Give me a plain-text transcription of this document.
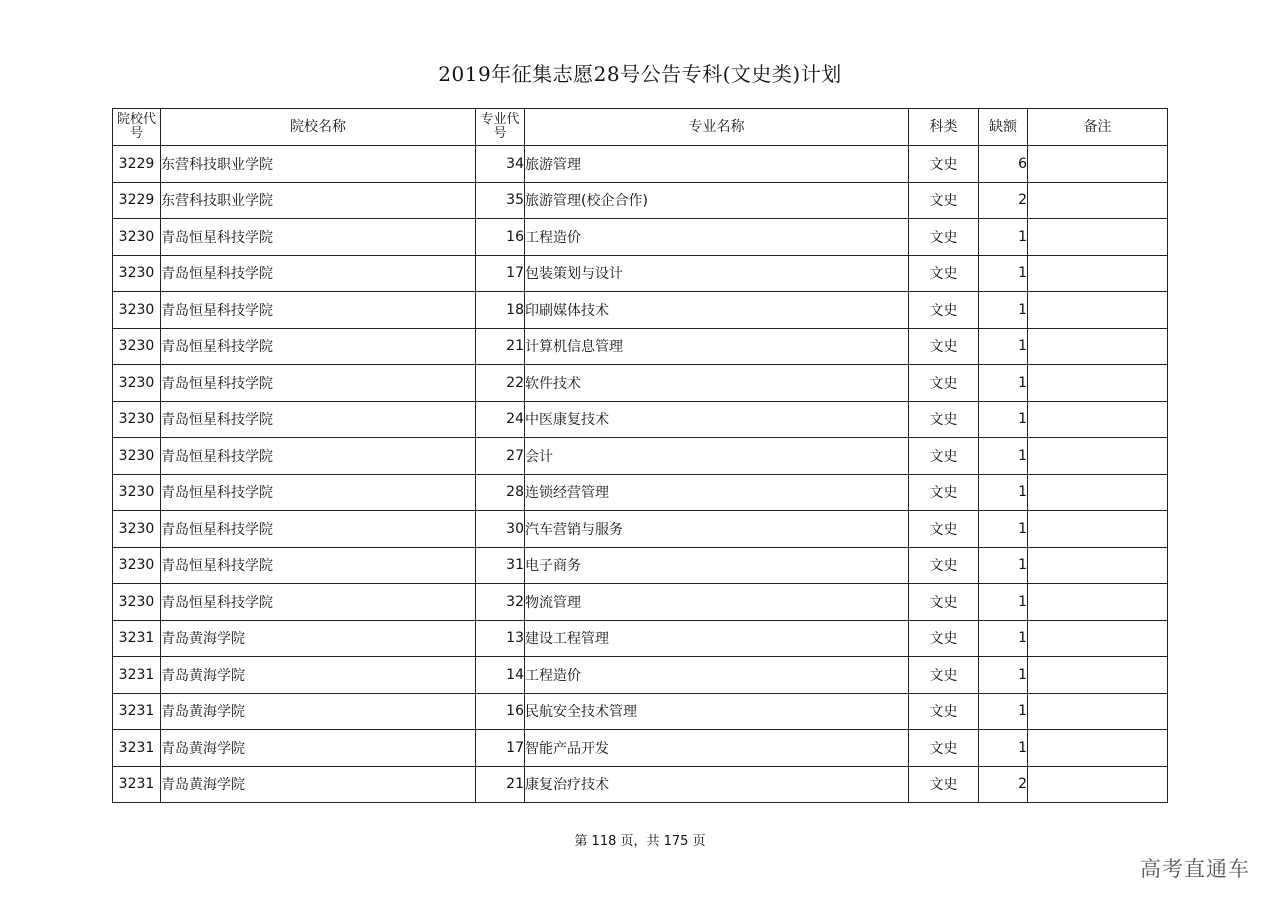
2019年征集志愿28号公告专科(文史类)计划
院校代号	院校名称	专业代号	专业名称	科类	缺额	备注
3229	东营科技职业学院	34	旅游管理	文史	6	
3229	东营科技职业学院	35	旅游管理(校企合作)	文史	2	
3230	青岛恒星科技学院	16	工程造价	文史	1	
3230	青岛恒星科技学院	17	包装策划与设计	文史	1	
3230	青岛恒星科技学院	18	印刷媒体技术	文史	1	
3230	青岛恒星科技学院	21	计算机信息管理	文史	1	
3230	青岛恒星科技学院	22	软件技术	文史	1	
3230	青岛恒星科技学院	24	中医康复技术	文史	1	
3230	青岛恒星科技学院	27	会计	文史	1	
3230	青岛恒星科技学院	28	连锁经营管理	文史	1	
3230	青岛恒星科技学院	30	汽车营销与服务	文史	1	
3230	青岛恒星科技学院	31	电子商务	文史	1	
3230	青岛恒星科技学院	32	物流管理	文史	1	
3231	青岛黄海学院	13	建设工程管理	文史	1	
3231	青岛黄海学院	14	工程造价	文史	1	
3231	青岛黄海学院	16	民航安全技术管理	文史	1	
3231	青岛黄海学院	17	智能产品开发	文史	1	
3231	青岛黄海学院	21	康复治疗技术	文史	2	
第 118 页，共 175 页
高考直通车
